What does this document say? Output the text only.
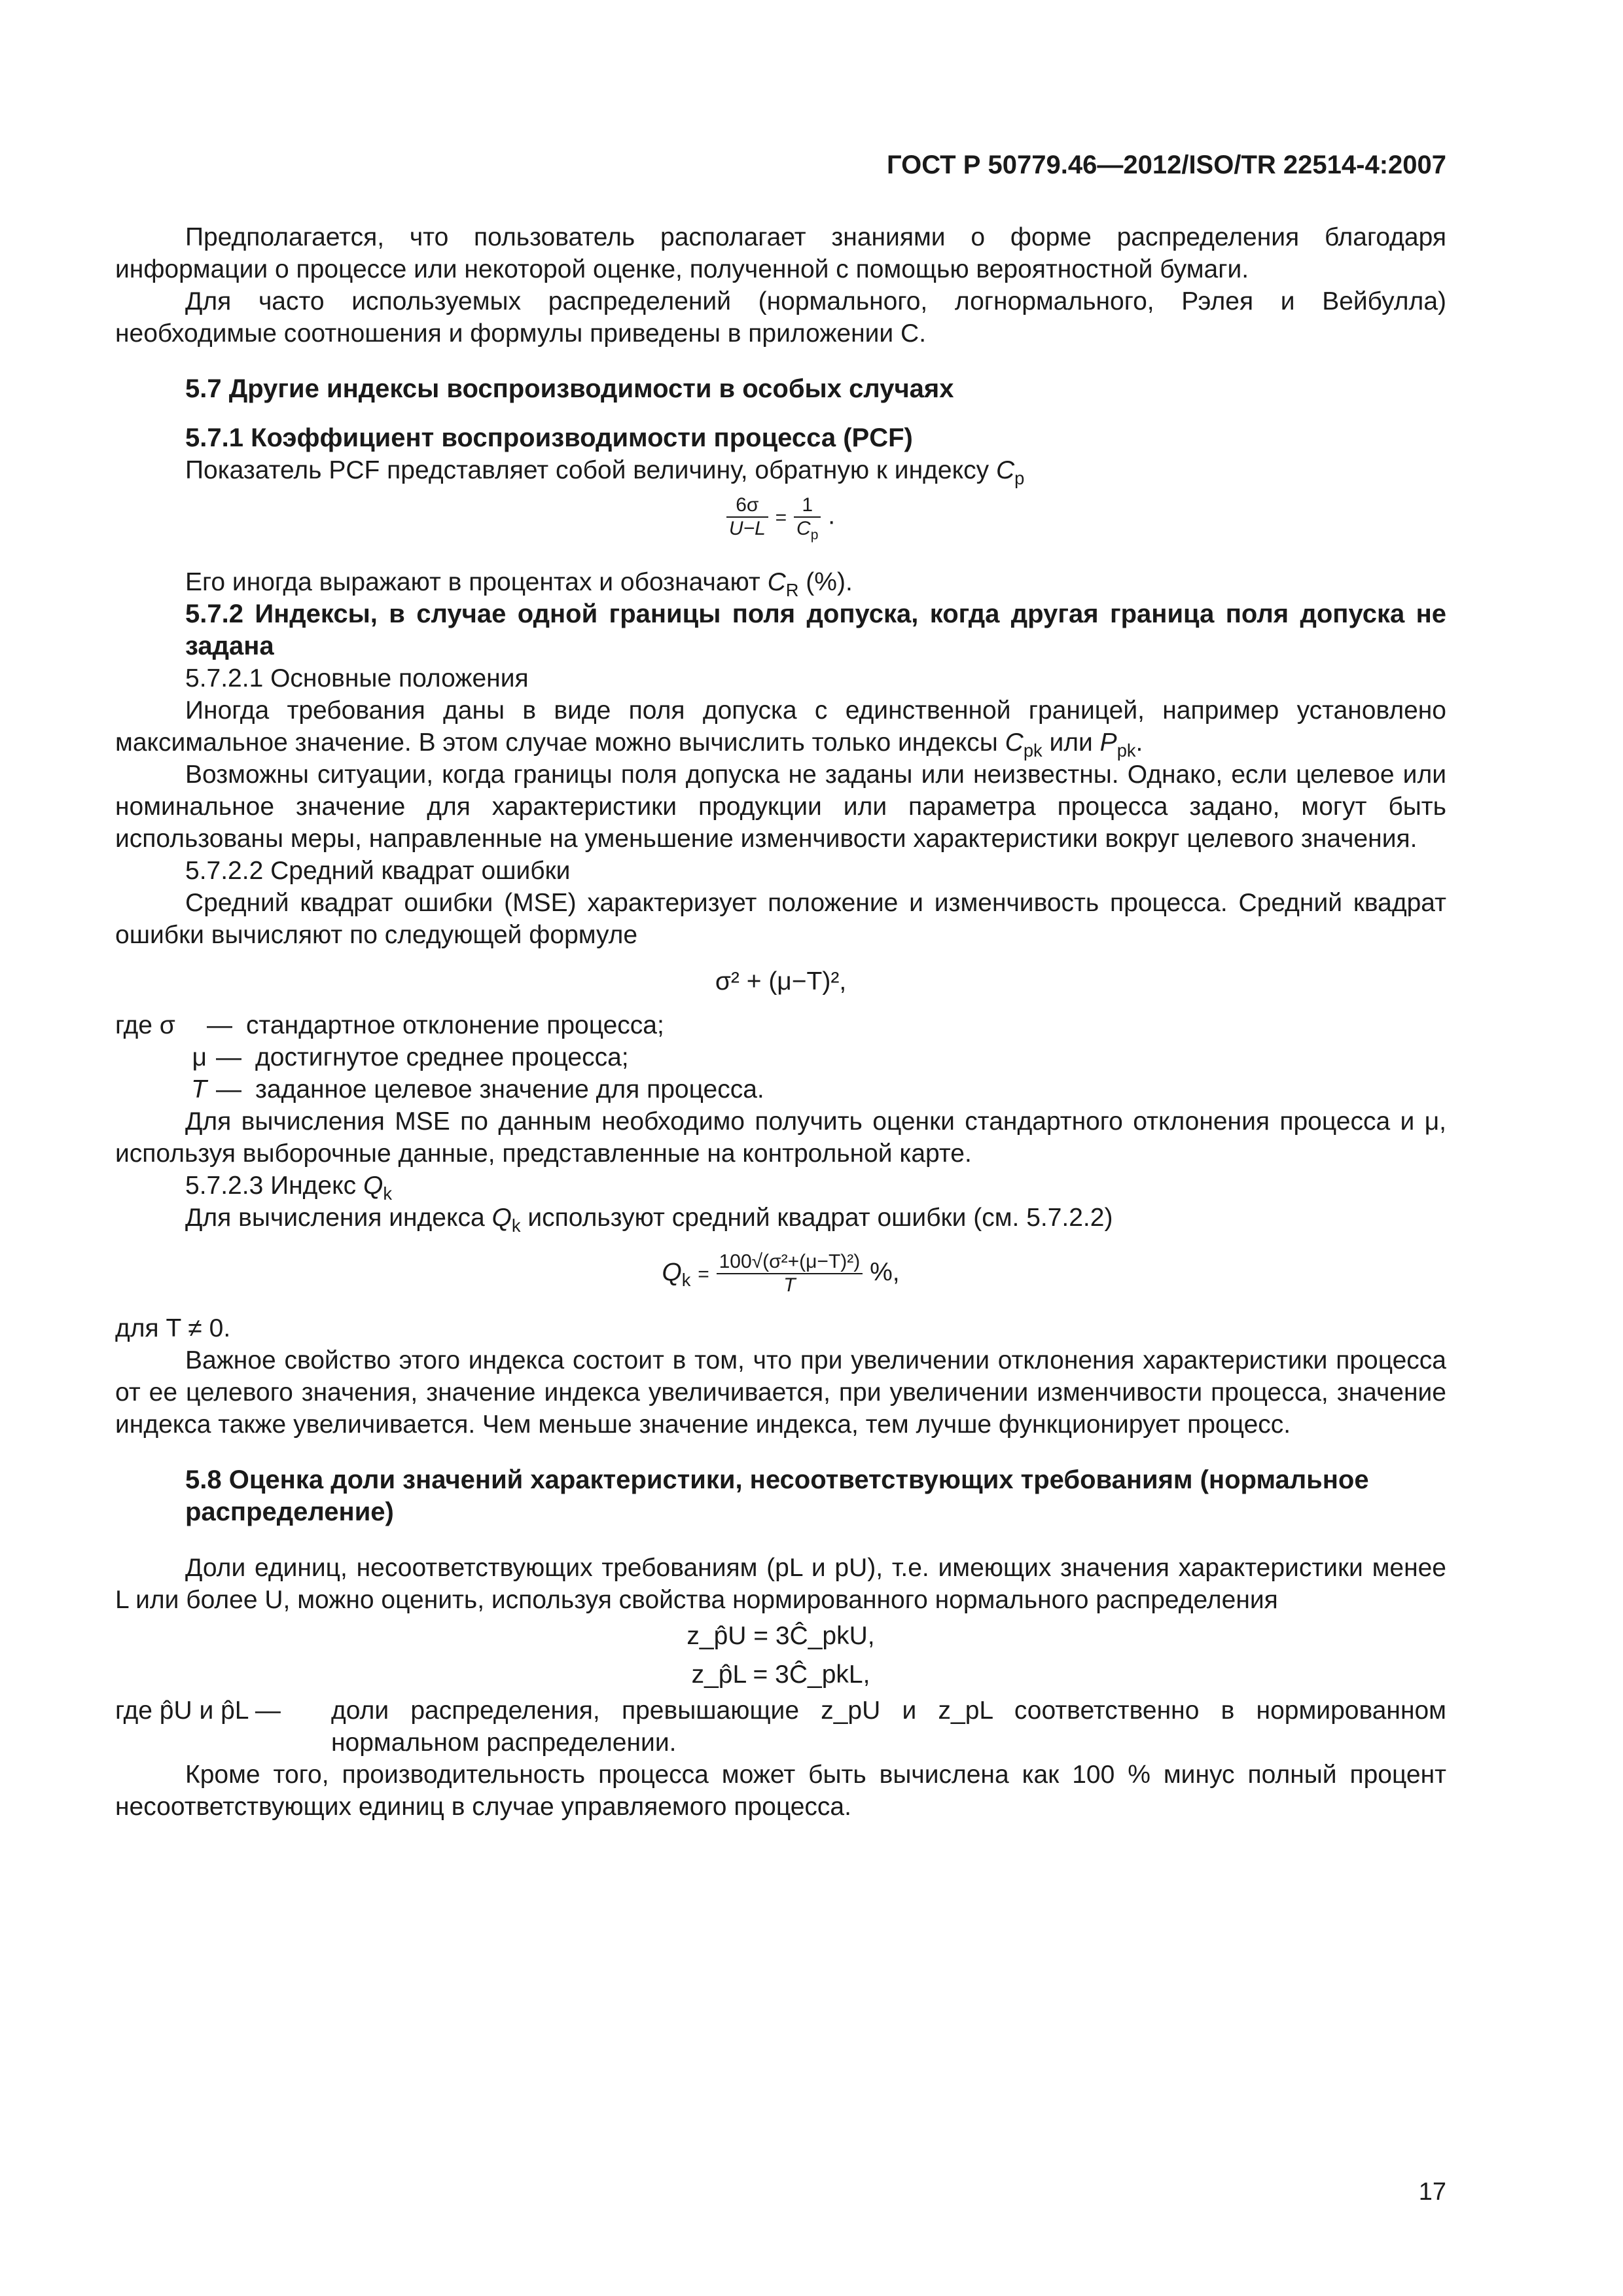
ГОСТ Р 50779.46—2012/ISO/TR 22514-4:2007

Предполагается, что пользователь располагает знаниями о форме распределения благодаря информации о процессе или некоторой оценке, полученной с помощью вероятностной бумаги.

Для часто используемых распределений (нормального, логнормального, Рэлея и Вейбулла) необходимые соотношения и формулы приведены в приложении С.

5.7 Другие индексы воспроизводимости в особых случаях
5.7.1 Коэффициент воспроизводимости процесса (PCF)

Показатель PCF представляет собой величину, обратную к индексу $C_p$

$\frac{6\sigma}{U-L} = \frac{1}{C_p}$ .

Его иногда выражают в процентах и обозначают $C_R$ (%).

5.7.2 Индексы, в случае одной границы поля допуска, когда другая граница поля допуска не задана

5.7.2.1 Основные положения

Иногда требования даны в виде поля допуска с единственной границей, например установлено максимальное значение. В этом случае можно вычислить только индексы $C_{pk}$ или $P_{pk}$.

Возможны ситуации, когда границы поля допуска не заданы или неизвестны. Однако, если целевое или номинальное значение для характеристики продукции или параметра процесса задано, могут быть использованы меры, направленные на уменьшение изменчивости характеристики вокруг целевого значения.

5.7.2.2 Средний квадрат ошибки

Средний квадрат ошибки (MSE) характеризует положение и изменчивость процесса. Средний квадрат ошибки вычисляют по следующей формуле

σ² + (μ−T)²,
где σ	— стандартное отклонение процесса;
μ — достигнутое среднее процесса;
T — заданное целевое значение для процесса.

Для вычисления MSE по данным необходимо получить оценки стандартного отклонения процесса и μ, используя выборочные данные, представленные на контрольной карте.

5.7.2.3 Индекс $Q_k$

Для вычисления индекса $Q_k$ используют средний квадрат ошибки (см. 5.7.2.2)

$Q_k = \frac{\text{100√(σ²+(μ−T)²)}}{T}$ %,

для T ≠ 0.

Важное свойство этого индекса состоит в том, что при увеличении отклонения характеристики процесса от ее целевого значения, значение индекса увеличивается, при увеличении изменчивости процесса, значение индекса также увеличивается. Чем меньше значение индекса, тем лучше функционирует процесс.

5.8 Оценка доли значений характеристики, несоответствующих требованиям (нормальное распределение)

Доли единиц, несоответствующих требованиям (pL и pU), т.е. имеющих значения характеристики менее L или более U, можно оценить, используя свойства нормированного нормального распределения

z_p̂U = 3Ĉ_pkU,
z_p̂L = 3Ĉ_pkL,
где p̂U и p̂L —	доли распределения, превышающие z_pU и z_pL соответственно в нормированном нормальном распределении.

Кроме того, производительность процесса может быть вычислена как 100 % минус полный процент несоответствующих единиц в случае управляемого процесса.

17
